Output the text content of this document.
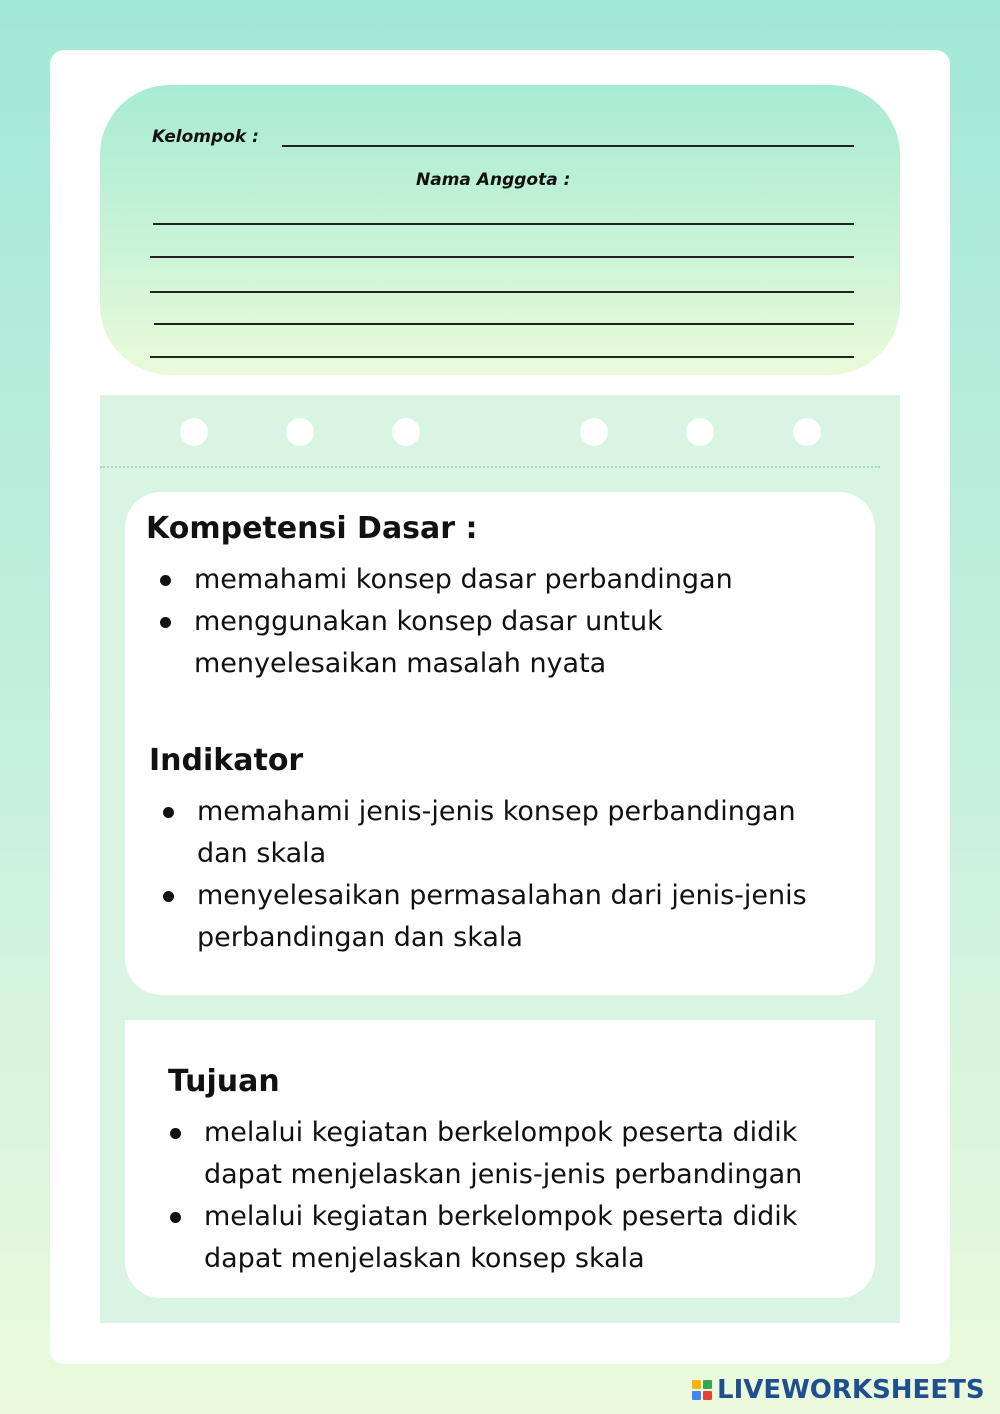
Kelompok :
Nama Anggota :
Kompetensi Dasar :
memahami konsep dasar perbandingan
menggunakan konsep dasar untuk
menyelesaikan masalah nyata
Indikator
memahami jenis-jenis konsep perbandingan
dan skala
menyelesaikan permasalahan dari jenis-jenis
perbandingan dan skala
Tujuan
melalui kegiatan berkelompok peserta didik
dapat menjelaskan jenis-jenis perbandingan
melalui kegiatan berkelompok peserta didik
dapat menjelaskan konsep skala
LIVEWORKSHEETS
